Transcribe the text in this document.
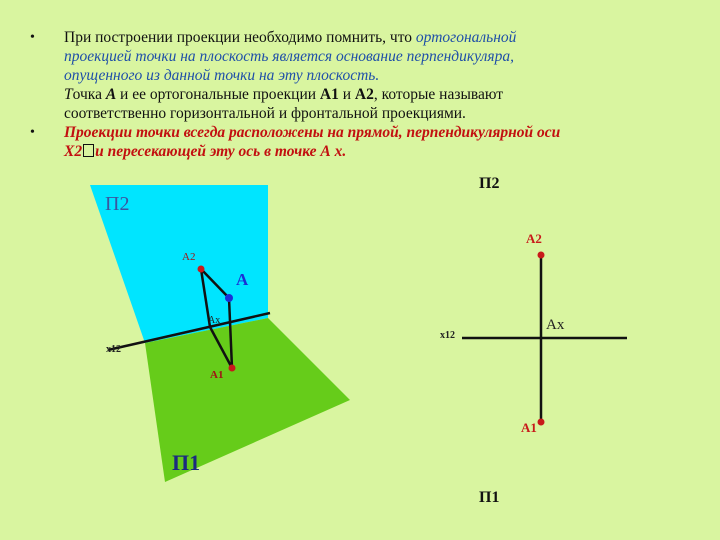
• При построении проекции необходимо помнить, что ортогональной
проекцией точки на плоскость является основание перпендикуляра,
опущенного из данной точки на эту плоскость.
Точка А и ее ортогональные проекции А1 и А2, которые называют
соответственно горизонтальной и фронтальной проекциями.
• Проекции точки всегда расположены на прямой, перпендикулярной оси
X2 и пересекающей эту ось в точке А х.
П2
П1
А2
А
Ax
А1
x12
П2
П1
А2
А1
Ax
x12
